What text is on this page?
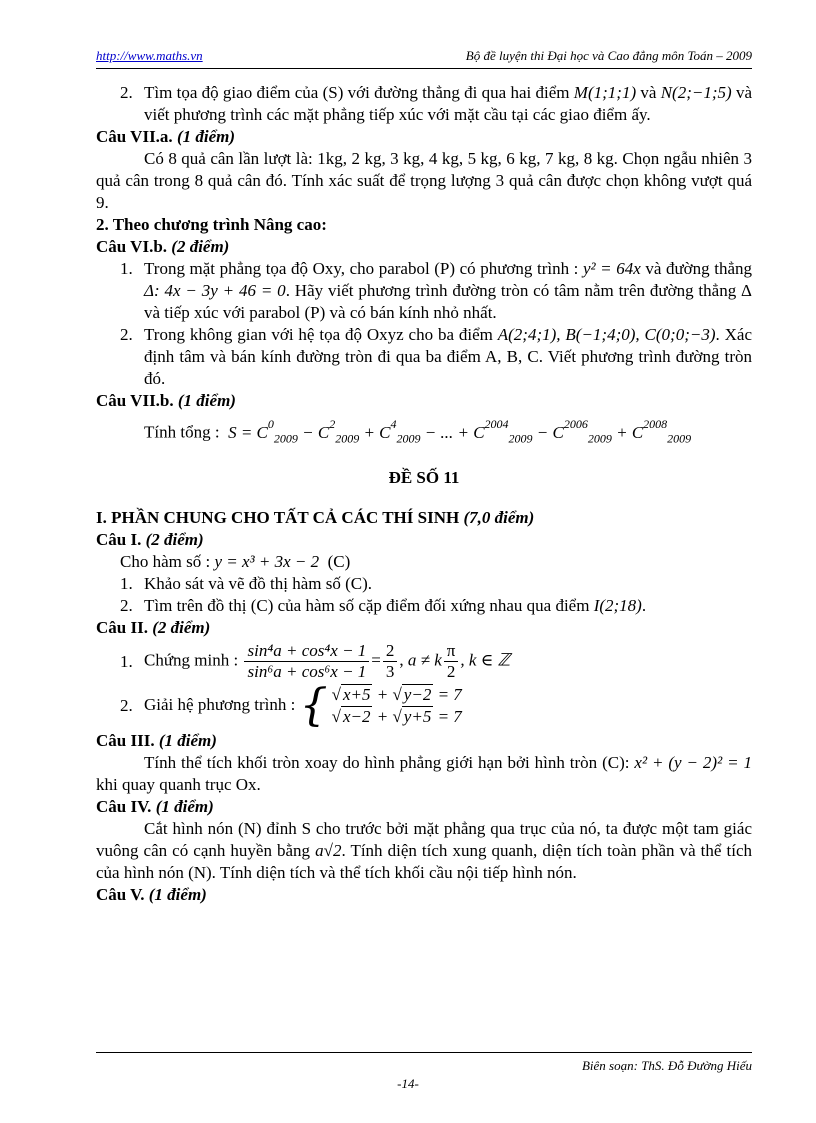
http://www.maths.vn	Bộ đề luyện thi Đại học và Cao đẳng môn Toán – 2009
2. Tìm tọa độ giao điểm của (S) với đường thẳng đi qua hai điểm M(1;1;1) và N(2;−1;5) và viết phương trình các mặt phẳng tiếp xúc với mặt cầu tại các giao điểm ấy.

Câu VII.a. (1 điểm)

Có 8 quả cân lần lượt là: 1kg, 2 kg, 3 kg, 4 kg, 5 kg, 6 kg, 7 kg, 8 kg. Chọn ngẫu nhiên 3 quả cân trong 8 quả cân đó. Tính xác suất để trọng lượng 3 quả cân được chọn không vượt quá 9.

2. Theo chương trình Nâng cao:

Câu VI.b. (2 điểm)

1. Trong mặt phẳng tọa độ Oxy, cho parabol (P) có phương trình : y² = 64x và đường thẳng Δ: 4x − 3y + 46 = 0. Hãy viết phương trình đường tròn có tâm nằm trên đường thẳng Δ và tiếp xúc với parabol (P) và có bán kính nhỏ nhất.
2. Trong không gian với hệ tọa độ Oxyz cho ba điểm A(2;4;1), B(−1;4;0), C(0;0;−3). Xác định tâm và bán kính đường tròn đi qua ba điểm A, B, C. Viết phương trình đường tròn đó.

Câu VII.b. (1 điểm)

Tính tổng :  $S = C^0_{2009} - C^2_{2009} + C^4_{2009}$ − ... + $C^{2004}_{2009} - C^{2006}_{2009} + C^{2008}_{2009}$

ĐỀ SỐ 11

I. PHẦN CHUNG CHO TẤT CẢ CÁC THÍ SINH (7,0 điểm)

Câu I. (2 điểm)

Cho hàm số : y = x³ + 3x − 2 (C)

1. Khảo sát và vẽ đồ thị hàm số (C).
2. Tìm trên đồ thị (C) của hàm số cặp điểm đối xứng nhau qua điểm I(2;18).

Câu II. (2 điểm)

1. Chứng minh : $\frac{\text{sin⁴a + cos⁴x − 1}}{\text{sin⁶a + cos⁶x − 1}} = \frac{2}{3}$ , a ≠ k $\frac{\pi}{2}$ , k ∈ ℤ
2. Giải hệ phương trình : { √ x+5 + √ y−2 = 7
√ x−2 + √ y+5 = 7

Câu III. (1 điểm)

Tính thể tích khối tròn xoay do hình phẳng giới hạn bởi hình tròn (C): x² + (y − 2)² = 1 khi quay quanh trục Ox.

Câu IV. (1 điểm)

Cắt hình nón (N) đỉnh S cho trước bởi mặt phẳng qua trục của nó, ta được một tam giác vuông cân có cạnh huyền bằng a√2. Tính diện tích xung quanh, diện tích toàn phần và thể tích của hình nón (N). Tính diện tích và thể tích khối cầu nội tiếp hình nón.

Câu V. (1 điểm)

Biên soạn: ThS. Đỗ Đường Hiếu
-14-
